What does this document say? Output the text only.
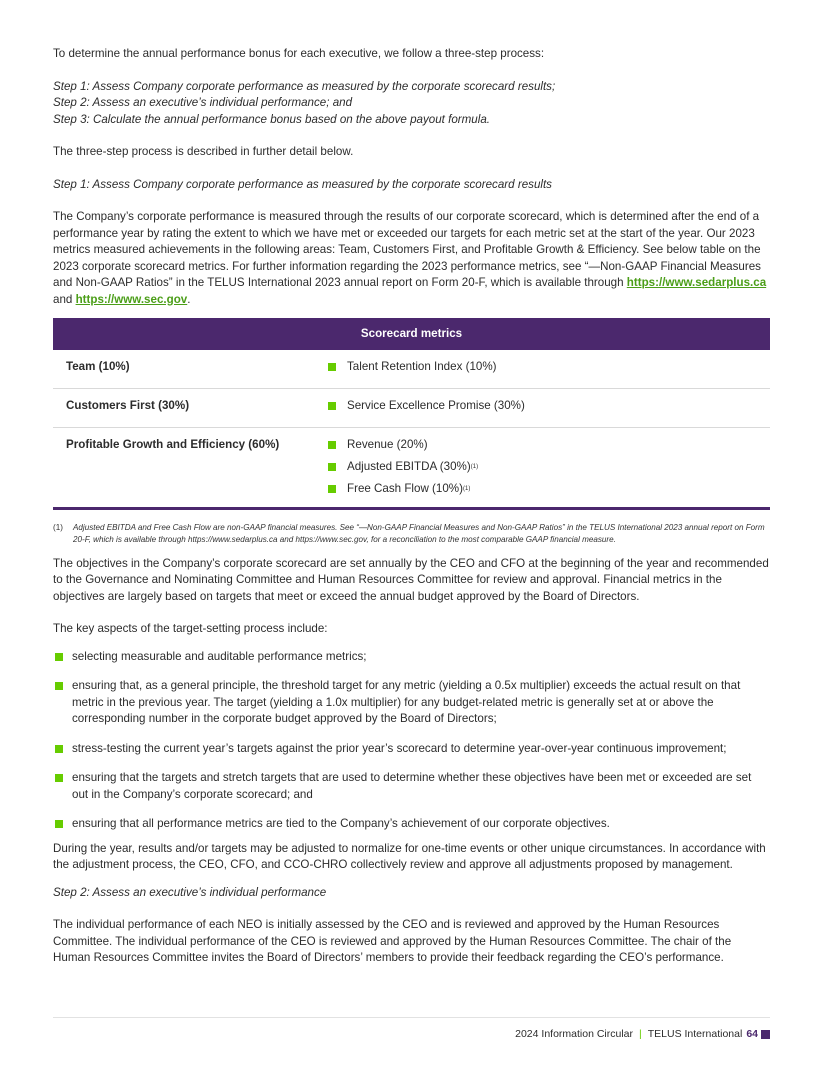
To determine the annual performance bonus for each executive, we follow a three-step process:

Step 1: Assess Company corporate performance as measured by the corporate scorecard results;

Step 2: Assess an executive’s individual performance; and

Step 3: Calculate the annual performance bonus based on the above payout formula.

The three-step process is described in further detail below.

Step 1: Assess Company corporate performance as measured by the corporate scorecard results

The Company’s corporate performance is measured through the results of our corporate scorecard, which is determined after the end of a performance year by rating the extent to which we have met or exceeded our targets for each metric set at the start of the year. Our 2023 metrics measured achievements in the following areas: Team, Customers First, and Profitable Growth & Efficiency. See below table on the 2023 corporate scorecard metrics. For further information regarding the 2023 performance metrics, see “—Non-GAAP Financial Measures and Non-GAAP Ratios” in the TELUS International 2023 annual report on Form 20-F, which is available through https://www.sedarplus.ca and https://www.sec.gov.

Scorecard metrics	
Team (10%)	Talent Retention Index (10%)

Customers First (30%)	Service Excellence Promise (30%)

Profitable Growth and Efficiency (60%)	Revenue (20%)
Adjusted EBITDA (30%) (1)
Free Cash Flow (10%) (1)
(1)	Adjusted EBITDA and Free Cash Flow are non-GAAP financial measures. See “—Non-GAAP Financial Measures and Non-GAAP Ratios” in the TELUS International 2023 annual report on Form 20-F, which is available through https://www.sedarplus.ca and https://www.sec.gov, for a reconciliation to the most comparable GAAP financial measure.

The objectives in the Company’s corporate scorecard are set annually by the CEO and CFO at the beginning of the year and recommended to the Governance and Nominating Committee and Human Resources Committee for review and approval. Financial metrics in the objectives are largely based on targets that meet or exceed the annual budget approved by the Board of Directors.

The key aspects of the target-setting process include:

selecting measurable and auditable performance metrics;
ensuring that, as a general principle, the threshold target for any metric (yielding a 0.5x multiplier) exceeds the actual result on that metric in the previous year. The target (yielding a 1.0x multiplier) for any budget-related metric is generally set at or above the corresponding number in the corporate budget approved by the Board of Directors;
stress-testing the current year’s targets against the prior year’s scorecard to determine year-over-year continuous improvement;
ensuring that the targets and stretch targets that are used to determine whether these objectives have been met or exceeded are set out in the Company’s corporate scorecard; and
ensuring that all performance metrics are tied to the Company’s achievement of our corporate objectives.

During the year, results and/or targets may be adjusted to normalize for one-time events or other unique circumstances. In accordance with the adjustment process, the CEO, CFO, and CCO-CHRO collectively review and approve all adjustments proposed by management.

Step 2: Assess an executive’s individual performance

The individual performance of each NEO is initially assessed by the CEO and is reviewed and approved by the Human Resources Committee. The individual performance of the CEO is reviewed and approved by the Human Resources Committee. The chair of the Human Resources Committee invites the Board of Directors’ members to provide their feedback regarding the CEO’s performance.

2024 Information Circular | TELUS International 64
